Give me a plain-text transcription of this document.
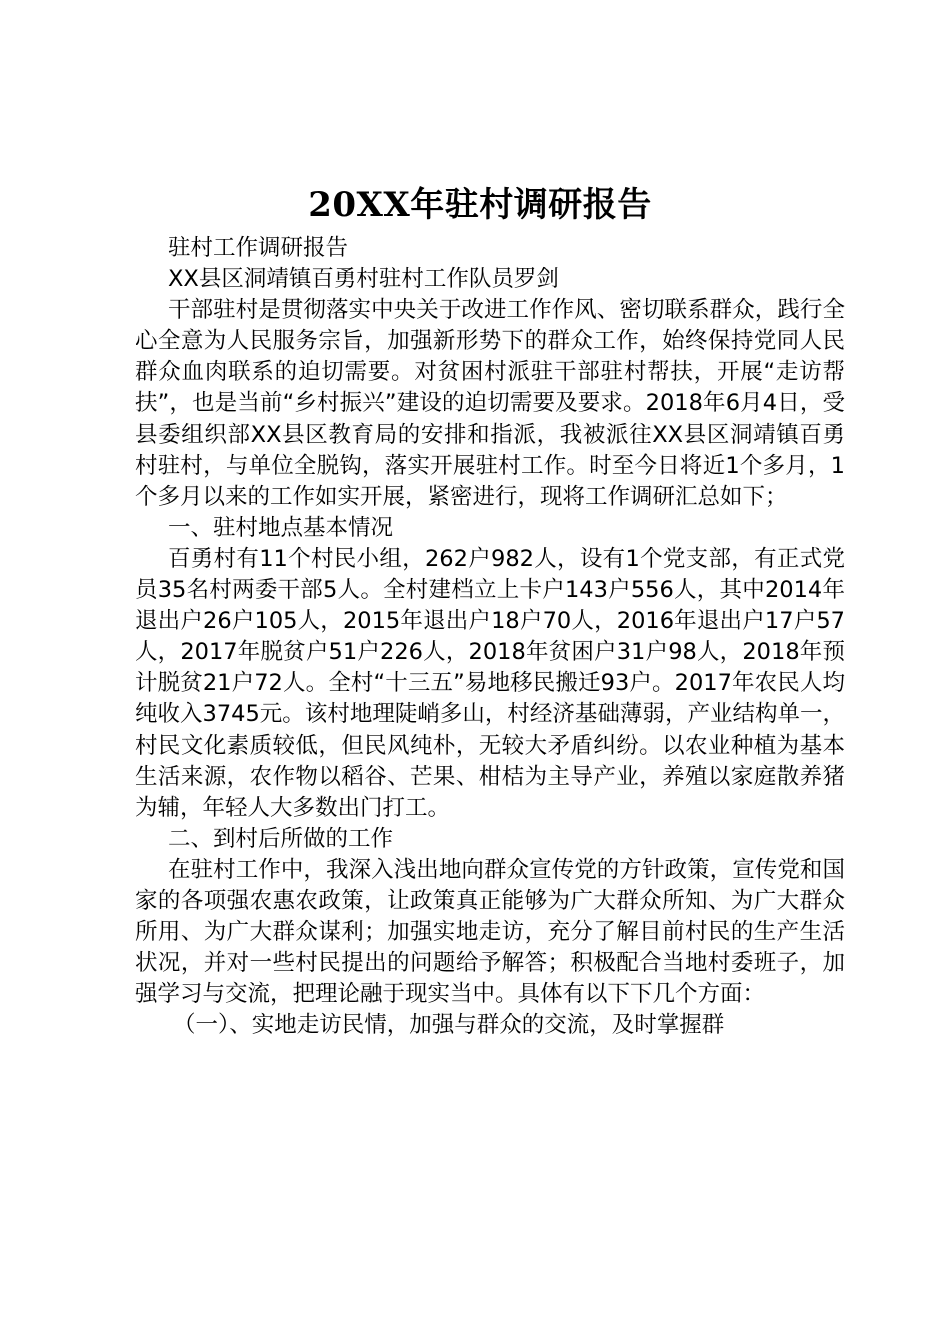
20XX年驻村调研报告

驻村工作调研报告

XX县区洞靖镇百勇村驻村工作队员罗剑

干部驻村是贯彻落实中央关于改进工作作风、密切联系群众，践行全心全意为人民服务宗旨，加强新形势下的群众工作，始终保持党同人民群众血肉联系的迫切需要。对贫困村派驻干部驻村帮扶，开展“走访帮扶”，也是当前“乡村振兴”建设的迫切需要及要求。2018年6月4日，受县委组织部XX县区教育局的安排和指派，我被派往XX县区洞靖镇百勇村驻村，与单位全脱钩，落实开展驻村工作。时至今日将近1个多月，1个多月以来的工作如实开展，紧密进行，现将工作调研汇总如下；

一、驻村地点基本情况

百勇村有11个村民小组，262户982人，设有1个党支部，有正式党员35名村两委干部5人。全村建档立上卡户143户556人，其中2014年退出户26户105人，2015年退出户18户70人，2016年退出户17户57人，2017年脱贫户51户226人，2018年贫困户31户98人，2018年预计脱贫21户72人。全村“十三五”易地移民搬迁93户。2017年农民人均纯收入3745元。该村地理陡峭多山，村经济基础薄弱，产业结构单一，村民文化素质较低，但民风纯朴，无较大矛盾纠纷。以农业种植为基本生活来源，农作物以稻谷、芒果、柑桔为主导产业，养殖以家庭散养猪为辅，年轻人大多数出门打工。

二、到村后所做的工作

在驻村工作中，我深入浅出地向群众宣传党的方针政策，宣传党和国家的各项强农惠农政策，让政策真正能够为广大群众所知、为广大群众所用、为广大群众谋利；加强实地走访，充分了解目前村民的生产生活状况，并对一些村民提出的问题给予解答；积极配合当地村委班子，加强学习与交流，把理论融于现实当中。具体有以下下几个方面：

（一）、实地走访民情，加强与群众的交流，及时掌握群
